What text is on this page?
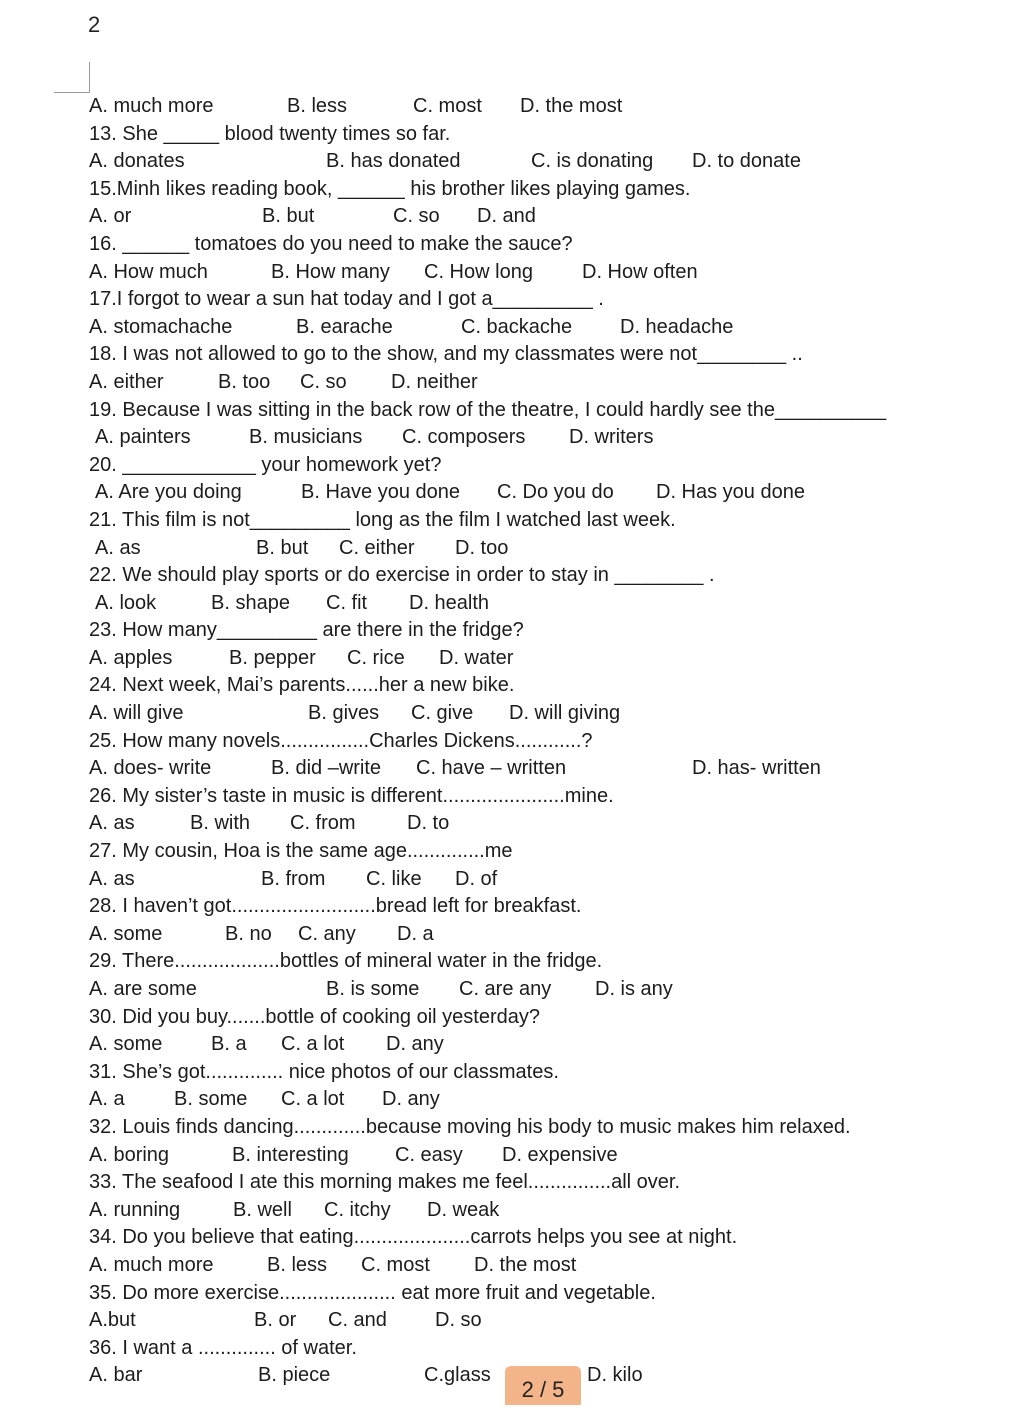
2
A. much more	B. less	C. most D. the most
13. She _____ blood twenty times so far.
A. donates	B. has donated	C. is donating D. to donate
15.Minh likes reading book, ______ his brother likes playing games.
A. or	B. but	C. so D. and
16. ______ tomatoes do you need to make the sauce?
A. How much	B. How many C. How long D. How often
17.I forgot to wear a sun hat today and I got a_________ .
A. stomachache	B. earache	C. backache D. headache
18. I was not allowed to go to the show, and my classmates were not________ ..
A. either	B. too C. so D. neither
19. Because I was sitting in the back row of the theatre, I could hardly see the__________
A. painters	B. musicians C. composers D. writers
20. ____________ your homework yet?
A. Are you doing	B. Have you done C. Do you do D. Has you done
21. This film is not_________ long as the film I watched last week.
A. as	B. but C. either D. too
22. We should play sports or do exercise in order to stay in ________ .
A. look	B. shape C. fit D. health
23. How many_________ are there in the fridge?
A. apples	B. pepper C. rice D. water
24. Next week, Mai’s parents......her a new bike.
A. will give	B. gives C. give D. will giving
25. How many novels................Charles Dickens............?
A. does- write	B. did –write C. have – written	D. has- written
26. My sister’s taste in music is different......................mine.
A. as	B. with C. from	D. to
27. My cousin, Hoa is the same age..............me
A. as	B. from C. like D. of
28. I haven’t got..........................bread left for breakfast.
A. some	B. no C. any D. a
29. There...................bottles of mineral water in the fridge.
A. are some	B. is some C. are any D. is any
30. Did you buy.......bottle of cooking oil yesterday?
A. some B. a C. a lot D. any
31. She’s got.............. nice photos of our classmates.
A. a B. some C. a lot D. any
32. Louis finds dancing.............because moving his body to music makes him relaxed.
A. boring	B. interesting C. easy D. expensive
33. The seafood I ate this morning makes me feel...............all over.
A. running	B. well C. itchy D. weak
34. Do you believe that eating.....................carrots helps you see at night.
A. much more	B. less C. most D. the most
35. Do more exercise..................... eat more fruit and vegetable.
A.but	B. or C. and D. so
36. I want a .............. of water.
A. bar	B. piece	C.glass	D. kilo
2 / 5
